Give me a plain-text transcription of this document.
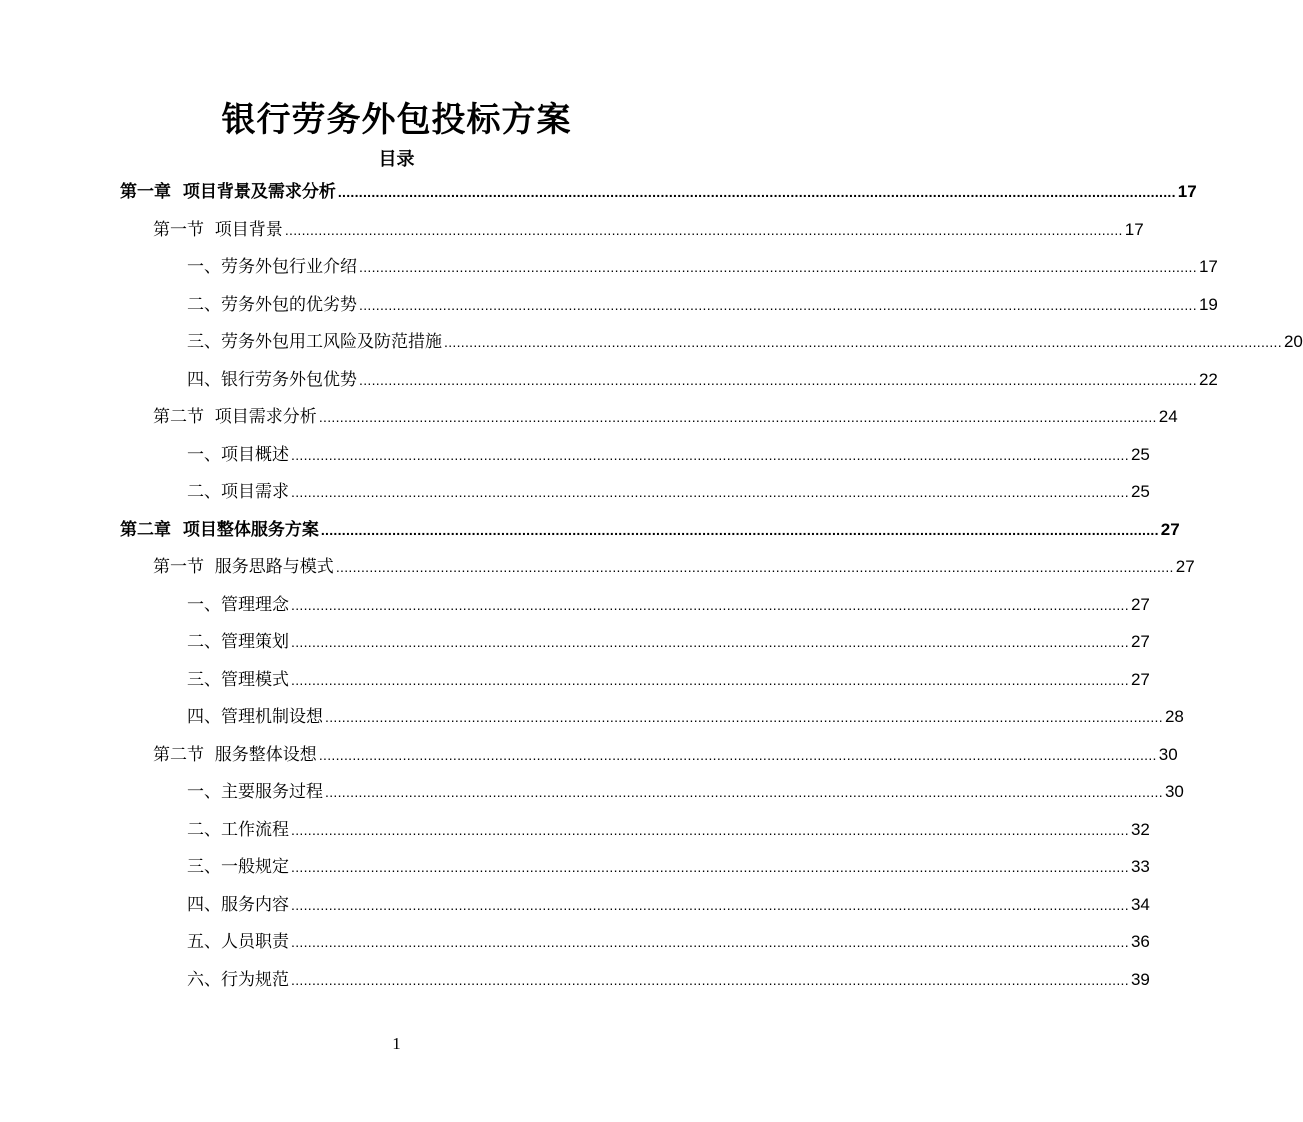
银行劳务外包投标方案
目录
第一章  项目背景及需求分析 ........................................................................................................................................................................................................ 17
第一节  项目背景 ........................................................................................................................................................................................................ 17
一、劳务外包行业介绍 ........................................................................................................................................................................................................ 17
二、劳务外包的优劣势 ........................................................................................................................................................................................................ 19
三、劳务外包用工风险及防范措施 ........................................................................................................................................................................................................ 20
四、银行劳务外包优势 ........................................................................................................................................................................................................ 22
第二节  项目需求分析 ........................................................................................................................................................................................................ 24
一、项目概述 ........................................................................................................................................................................................................ 25
二、项目需求 ........................................................................................................................................................................................................ 25
第二章  项目整体服务方案 ........................................................................................................................................................................................................ 27
第一节  服务思路与模式 ........................................................................................................................................................................................................ 27
一、管理理念 ........................................................................................................................................................................................................ 27
二、管理策划 ........................................................................................................................................................................................................ 27
三、管理模式 ........................................................................................................................................................................................................ 27
四、管理机制设想 ........................................................................................................................................................................................................ 28
第二节  服务整体设想 ........................................................................................................................................................................................................ 30
一、主要服务过程 ........................................................................................................................................................................................................ 30
二、工作流程 ........................................................................................................................................................................................................ 32
三、一般规定 ........................................................................................................................................................................................................ 33
四、服务内容 ........................................................................................................................................................................................................ 34
五、人员职责 ........................................................................................................................................................................................................ 36
六、行为规范 ........................................................................................................................................................................................................ 39
1
